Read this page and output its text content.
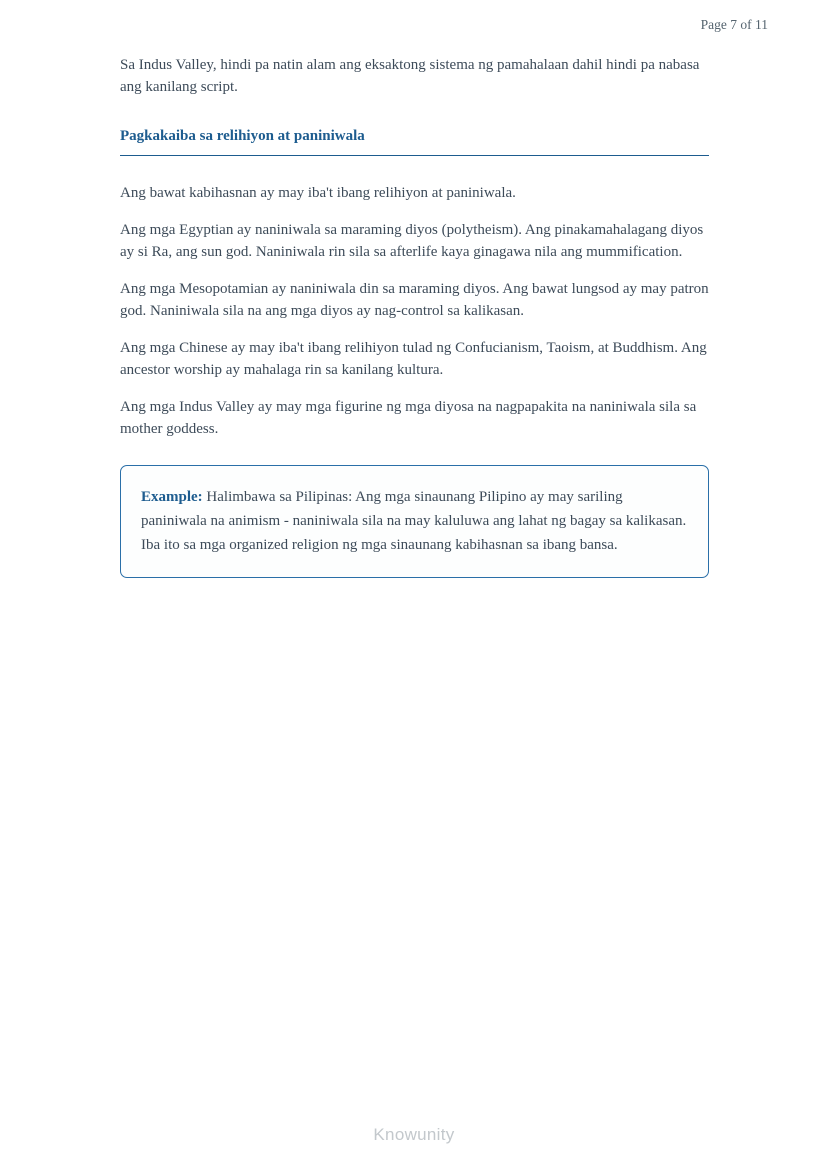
Page 7 of 11

Sa Indus Valley, hindi pa natin alam ang eksaktong sistema ng pamahalaan dahil hindi pa nabasa ang kanilang script.

Pagkakaiba sa relihiyon at paniniwala

Ang bawat kabihasnan ay may iba't ibang relihiyon at paniniwala.

Ang mga Egyptian ay naniniwala sa maraming diyos (polytheism). Ang pinakamahalagang diyos ay si Ra, ang sun god. Naniniwala rin sila sa afterlife kaya ginagawa nila ang mummification.

Ang mga Mesopotamian ay naniniwala din sa maraming diyos. Ang bawat lungsod ay may patron god. Naniniwala sila na ang mga diyos ay nag-control sa kalikasan.

Ang mga Chinese ay may iba't ibang relihiyon tulad ng Confucianism, Taoism, at Buddhism. Ang ancestor worship ay mahalaga rin sa kanilang kultura.

Ang mga Indus Valley ay may mga figurine ng mga diyosa na nagpapakita na naniniwala sila sa mother goddess.

Example: Halimbawa sa Pilipinas: Ang mga sinaunang Pilipino ay may sariling paniniwala na animism - naniniwala sila na may kaluluwa ang lahat ng bagay sa kalikasan. Iba ito sa mga organized religion ng mga sinaunang kabihasnan sa ibang bansa.

Knowunity
